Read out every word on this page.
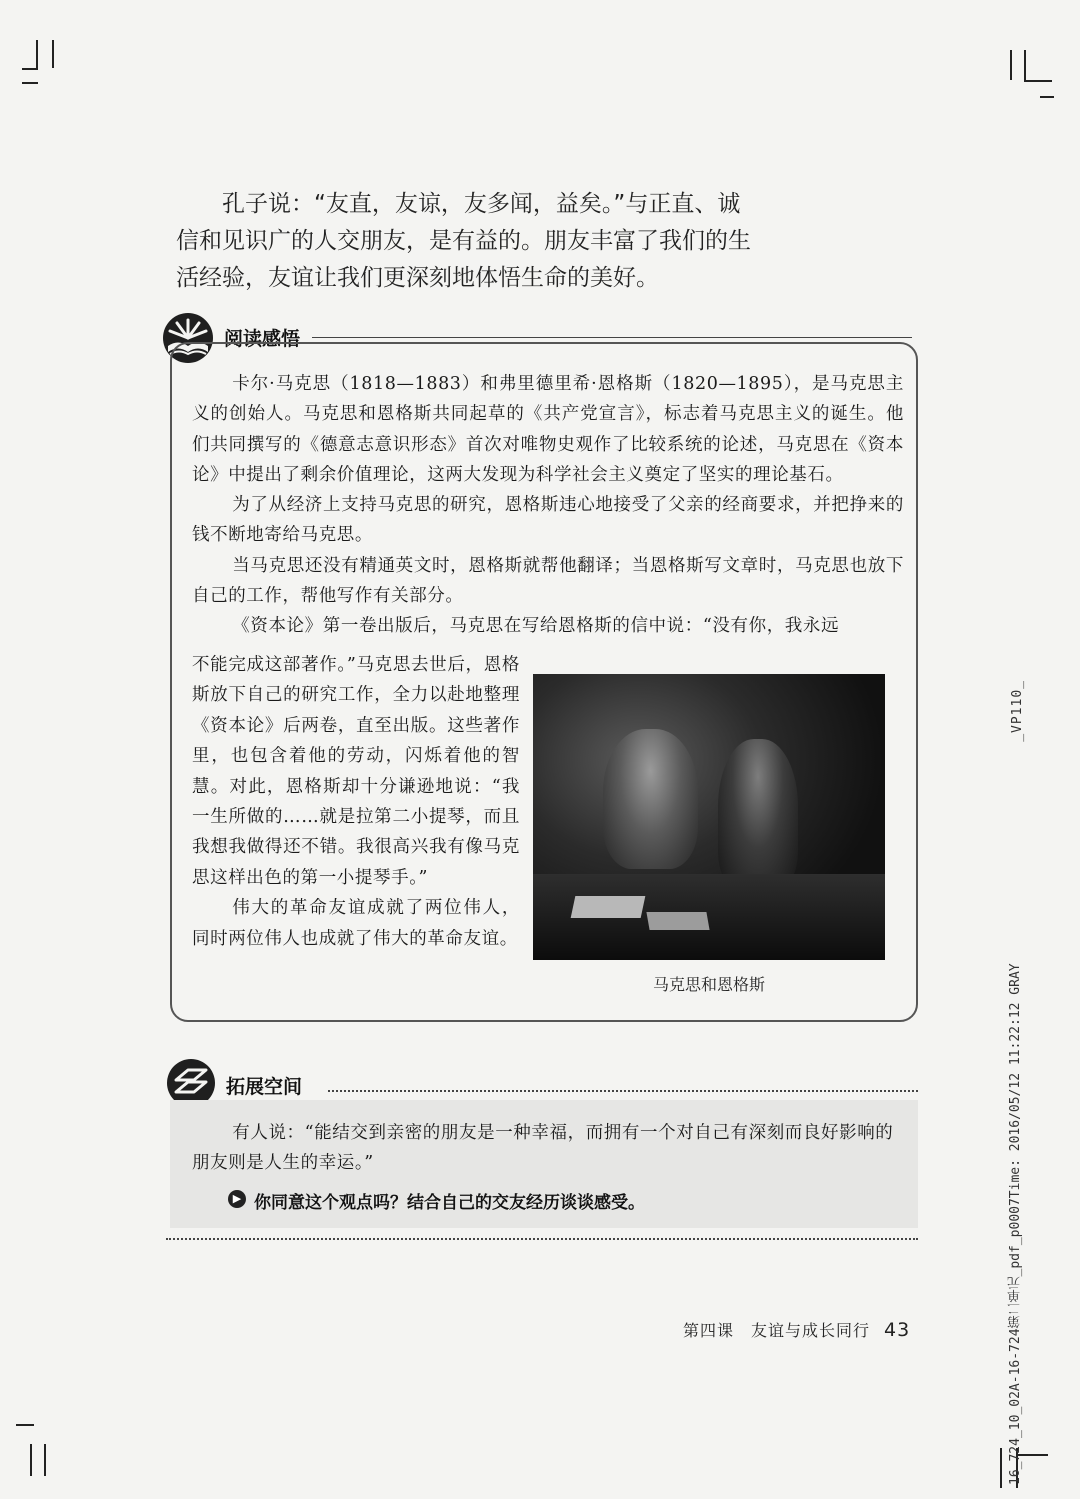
_VP110_
16_724_10_02A-16-724第二单元_pdf_p0007Time: 2016/05/12 11:22:12 GRAY

孔子说：“友直，友谅，友多闻，益矣。”与正直、诚信和见识广的人交朋友，是有益的。朋友丰富了我们的生活经验，友谊让我们更深刻地体悟生命的美好。

阅读感悟

卡尔·马克思（1818—1883）和弗里德里希·恩格斯（1820—1895），是马克思主义的创始人。马克思和恩格斯共同起草的《共产党宣言》，标志着马克思主义的诞生。他们共同撰写的《德意志意识形态》首次对唯物史观作了比较系统的论述，马克思在《资本论》中提出了剩余价值理论，这两大发现为科学社会主义奠定了坚实的理论基石。

为了从经济上支持马克思的研究，恩格斯违心地接受了父亲的经商要求，并把挣来的钱不断地寄给马克思。

当马克思还没有精通英文时，恩格斯就帮他翻译；当恩格斯写文章时，马克思也放下自己的工作，帮他写作有关部分。

《资本论》第一卷出版后，马克思在写给恩格斯的信中说：“没有你，我永远

不能完成这部著作。”马克思去世后，恩格斯放下自己的研究工作，全力以赴地整理《资本论》后两卷，直至出版。这些著作里，也包含着他的劳动，闪烁着他的智慧。对此，恩格斯却十分谦逊地说：“我一生所做的……就是拉第二小提琴，而且我想我做得还不错。我很高兴我有像马克思这样出色的第一小提琴手。”

伟大的革命友谊成就了两位伟人，同时两位伟人也成就了伟大的革命友谊。

马克思和恩格斯
拓展空间

有人说：“能结交到亲密的朋友是一种幸福，而拥有一个对自己有深刻而良好影响的朋友则是人生的幸运。”

▶ 你同意这个观点吗？结合自己的交友经历谈谈感受。
第四课　友谊与成长同行 43
